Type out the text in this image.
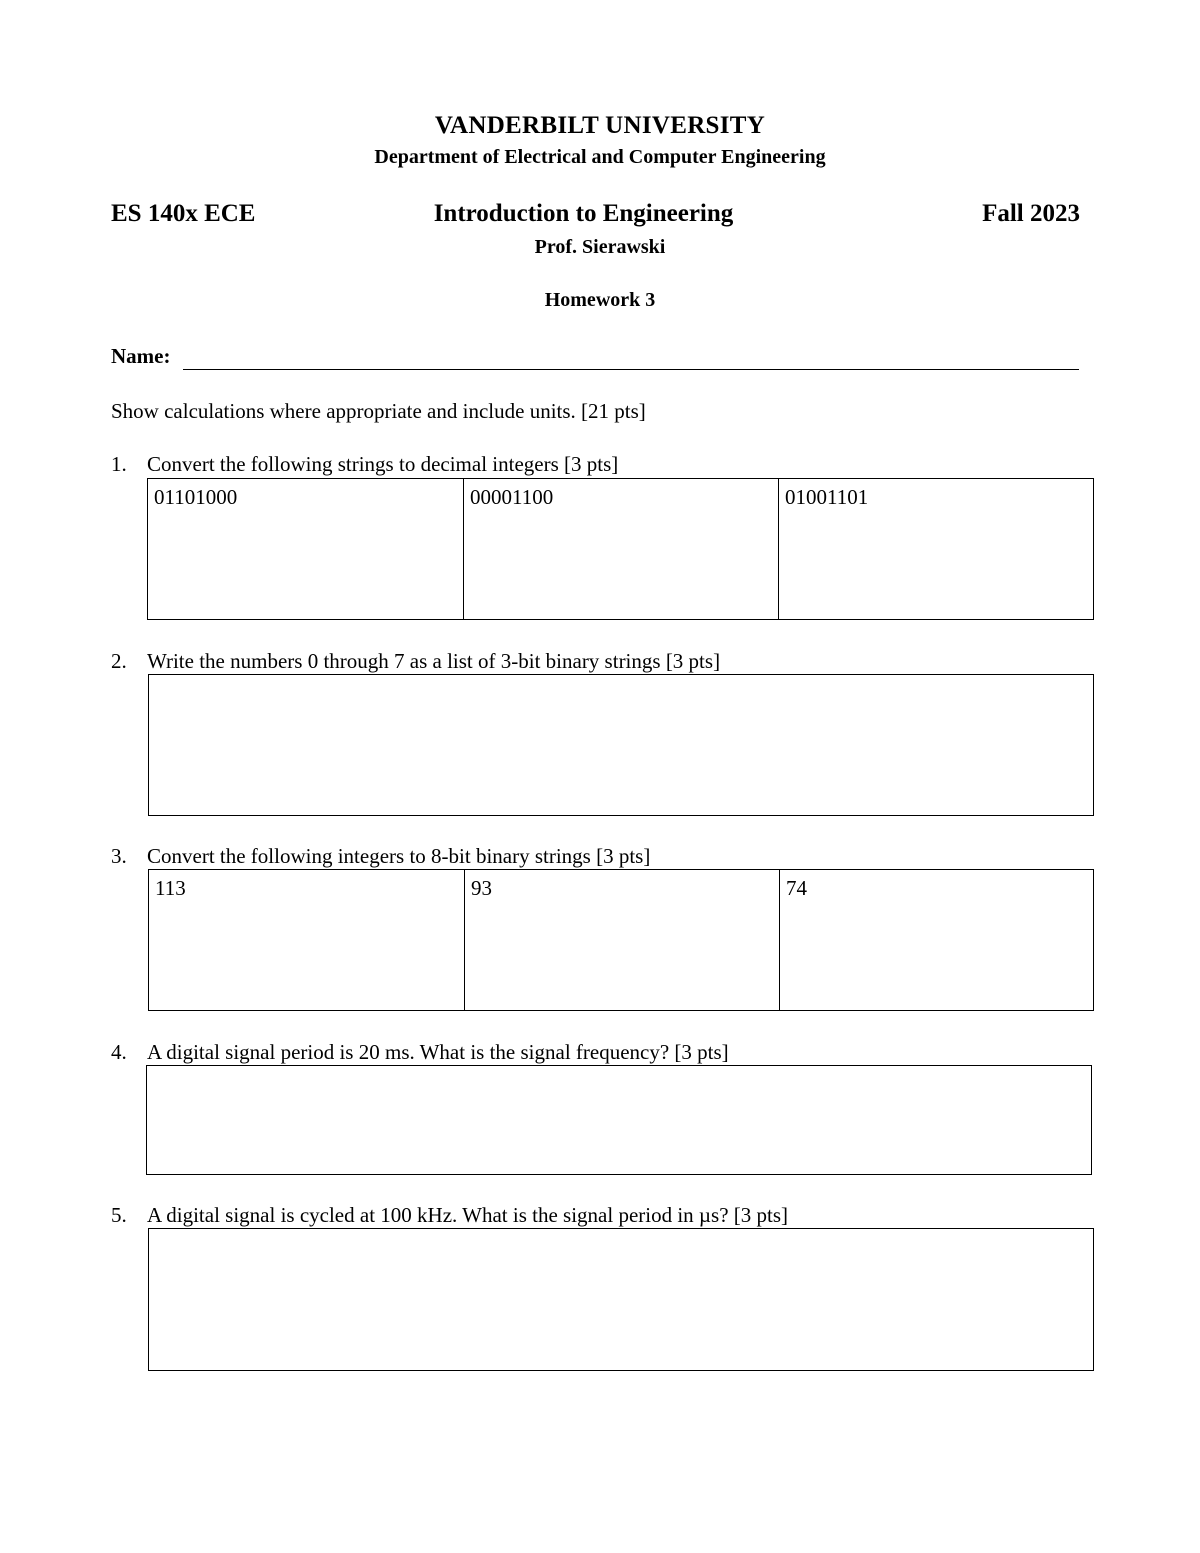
VANDERBILT UNIVERSITY
Department of Electrical and Computer Engineering
ES 140x ECE	Introduction to Engineering	Fall 2023
Prof. Sierawski
Homework 3
Name:
Show calculations where appropriate and include units. [21 pts]
1. Convert the following strings to decimal integers [3 pts]
01101000	00001100	01001101
2. Write the numbers 0 through 7 as a list of 3-bit binary strings [3 pts]
3. Convert the following integers to 8-bit binary strings [3 pts]
113	93	74
4. A digital signal period is 20 ms. What is the signal frequency? [3 pts]
5. A digital signal is cycled at 100 kHz. What is the signal period in µs? [3 pts]
